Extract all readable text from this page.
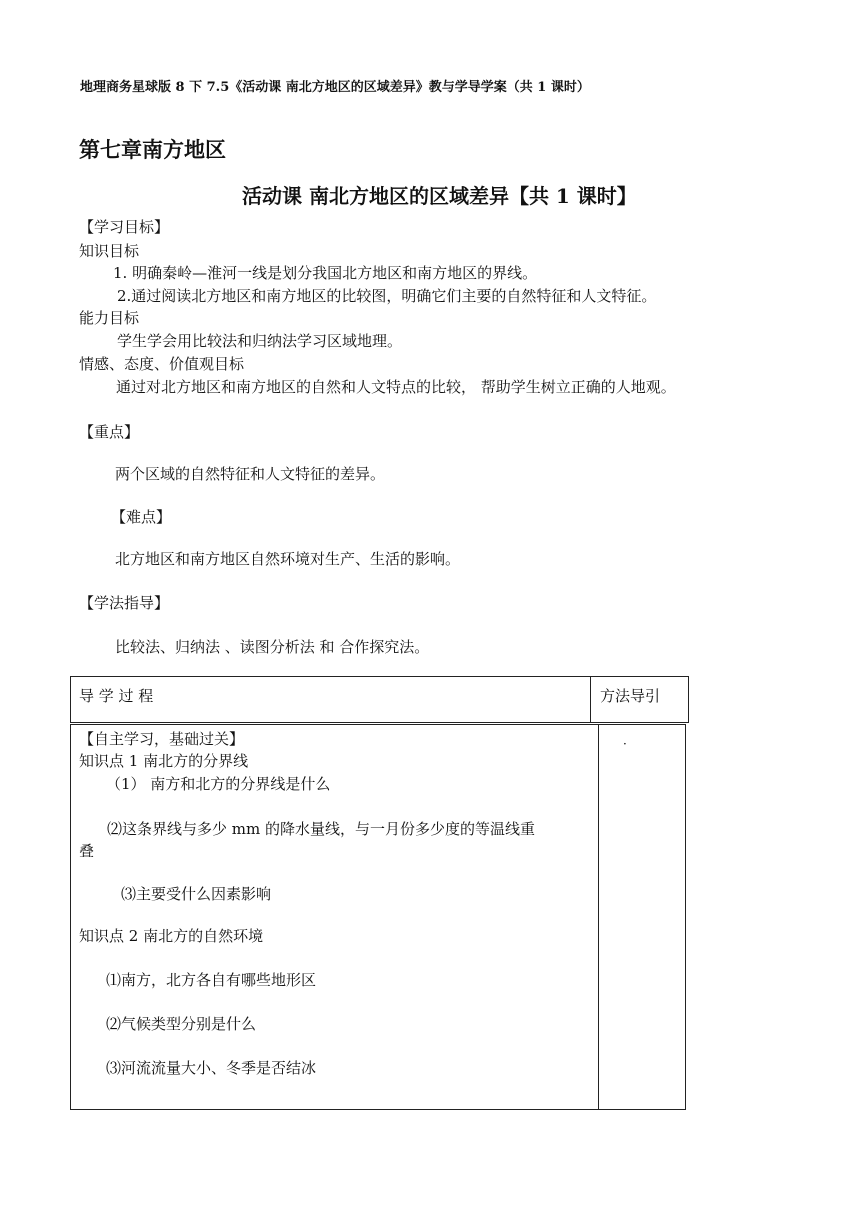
地理商务星球版 8 下 7.5《活动课 南北方地区的区域差异》教与学导学案（共 1 课时）
第七章南方地区
活动课 南北方地区的区域差异【共 1 课时】
【学习目标】
知识目标
1. 明确秦岭—淮河一线是划分我国北方地区和南方地区的界线。
2.通过阅读北方地区和南方地区的比较图，明确它们主要的自然特征和人文特征。
能力目标
学生学会用比较法和归纳法学习区域地理。
情感、态度、价值观目标
通过对北方地区和南方地区的自然和人文特点的比较， 帮助学生树立正确的人地观。
【重点】
两个区域的自然特征和人文特征的差异。
【难点】
北方地区和南方地区自然环境对生产、生活的影响。
【学法指导】
比较法、归纳法 、读图分析法 和 合作探究法。
导 学 过 程	方法导引
·
【自主学习，基础过关】
知识点 1 南北方的分界线
（1） 南方和北方的分界线是什么
⑵这条界线与多少 mm 的降水量线，与一月份多少度的等温线重
叠
⑶主要受什么因素影响
知识点 2 南北方的自然环境
⑴南方，北方各自有哪些地形区
⑵气候类型分别是什么
⑶河流流量大小、冬季是否结冰
